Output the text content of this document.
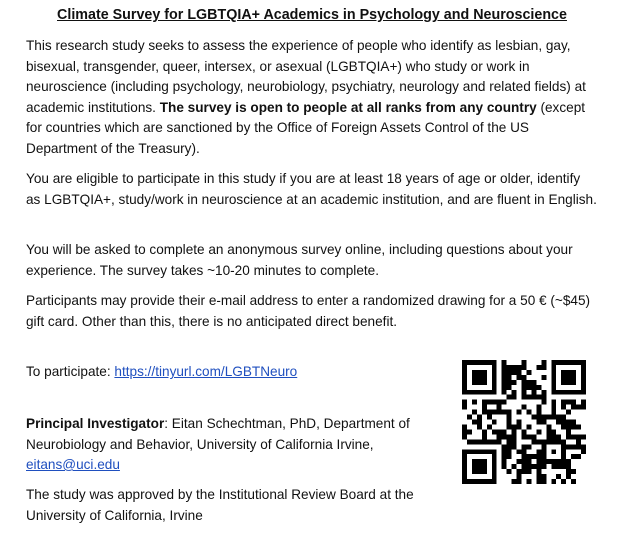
Climate Survey for LGBTQIA+ Academics in Psychology and Neuroscience

This research study seeks to assess the experience of people who identify as lesbian, gay, bisexual, transgender, queer, intersex, or asexual (LGBTQIA+) who study or work in neuroscience (including psychology, neurobiology, psychiatry, neurology and related fields) at academic institutions. The survey is open to people at all ranks from any country (except for countries which are sanctioned by the Office of Foreign Assets Control of the US Department of the Treasury).

You are eligible to participate in this study if you are at least 18 years of age or older, identify as LGBTQIA+, study/work in neuroscience at an academic institution, and are fluent in English.

You will be asked to complete an anonymous survey online, including questions about your experience. The survey takes ~10-20 minutes to complete.

Participants may provide their e-mail address to enter a randomized drawing for a 50 € (~$45) gift card. Other than this, there is no anticipated direct benefit.

To participate: https://tinyurl.com/LGBTNeuro
Principal Investigator: Eitan Schechtman, PhD, Department of Neurobiology and Behavior, University of California Irvine, eitans@uci.edu
The study was approved by the Institutional Review Board at the University of California, Irvine
